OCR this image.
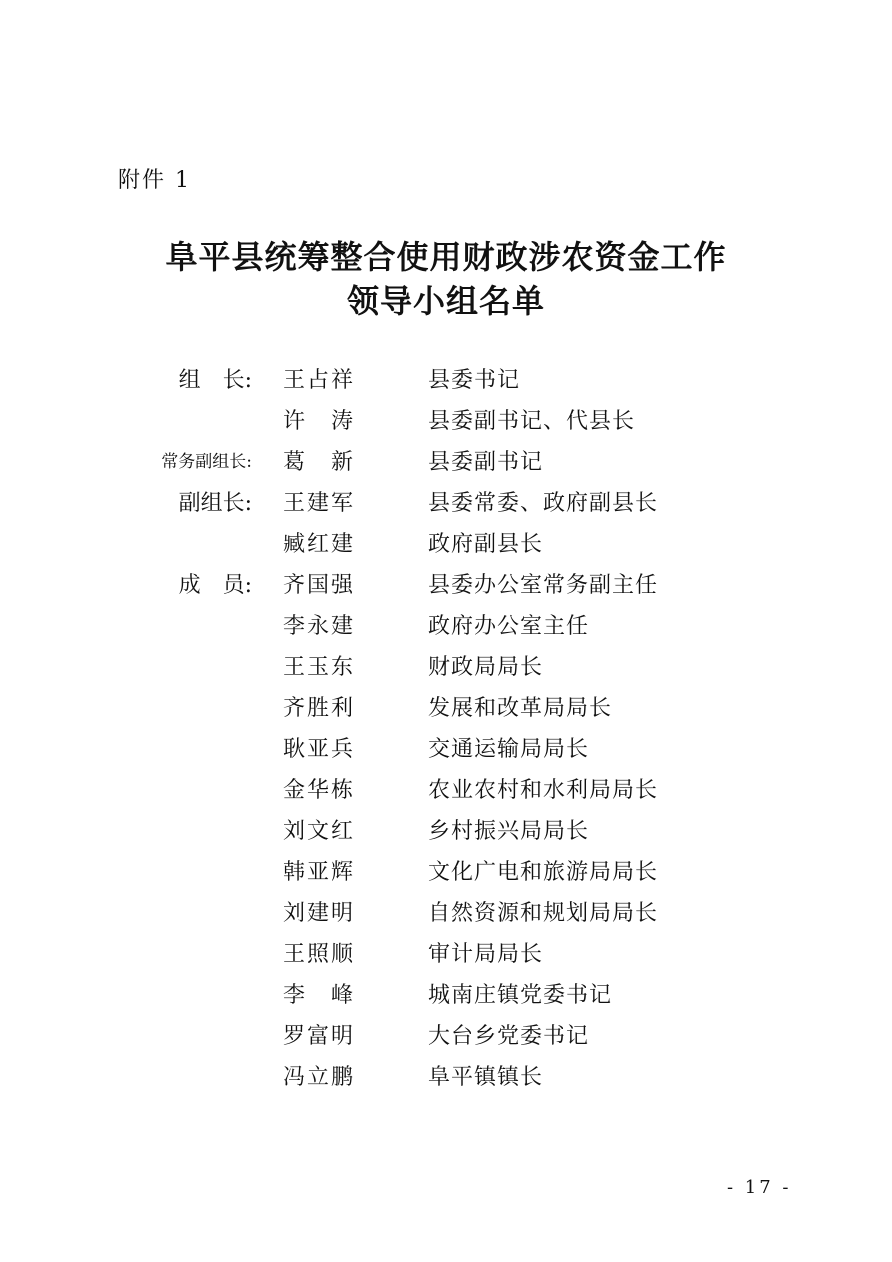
附件 1
阜平县统筹整合使用财政涉农资金工作
领导小组名单
组　长: 王占祥	县委书记
许　涛	县委副书记、代县长
常务副组长: 葛　新	县委副书记
副组长: 王建军	县委常委、政府副县长
臧红建	政府副县长
成　员: 齐国强	县委办公室常务副主任
李永建	政府办公室主任
王玉东	财政局局长
齐胜利	发展和改革局局长
耿亚兵	交通运输局局长
金华栋	农业农村和水利局局长
刘文红	乡村振兴局局长
韩亚辉	文化广电和旅游局局长
刘建明	自然资源和规划局局长
王照顺	审计局局长
李　峰	城南庄镇党委书记
罗富明	大台乡党委书记
冯立鹏	阜平镇镇长
- 17 -
